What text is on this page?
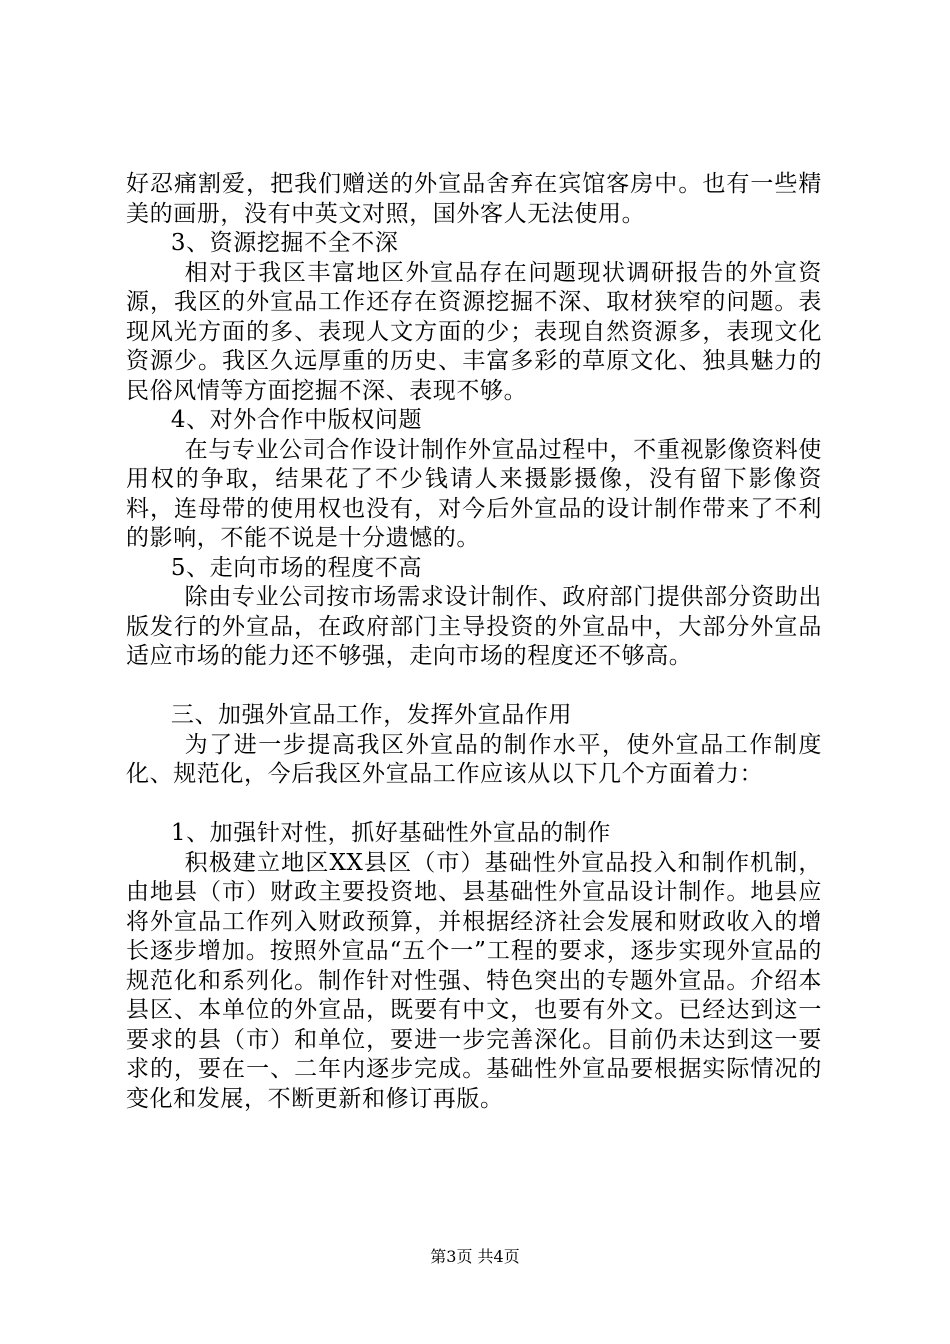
好忍痛割爱，把我们赠送的外宣品舍弃在宾馆客房中。也有一些精美的画册，没有中英文对照，国外客人无法使用。

3、资源挖掘不全不深

相对于我区丰富地区外宣品存在问题现状调研报告的外宣资源，我区的外宣品工作还存在资源挖掘不深、取材狭窄的问题。表现风光方面的多、表现人文方面的少；表现自然资源多，表现文化资源少。我区久远厚重的历史、丰富多彩的草原文化、独具魅力的民俗风情等方面挖掘不深、表现不够。

4、对外合作中版权问题

在与专业公司合作设计制作外宣品过程中，不重视影像资料使用权的争取，结果花了不少钱请人来摄影摄像，没有留下影像资料，连母带的使用权也没有，对今后外宣品的设计制作带来了不利的影响，不能不说是十分遗憾的。

5、走向市场的程度不高

除由专业公司按市场需求设计制作、政府部门提供部分资助出版发行的外宣品，在政府部门主导投资的外宣品中，大部分外宣品适应市场的能力还不够强，走向市场的程度还不够高。

三、加强外宣品工作，发挥外宣品作用

为了进一步提高我区外宣品的制作水平，使外宣品工作制度化、规范化，今后我区外宣品工作应该从以下几个方面着力：

1、加强针对性，抓好基础性外宣品的制作

积极建立地区XX县区（市）基础性外宣品投入和制作机制，由地县（市）财政主要投资地、县基础性外宣品设计制作。地县应将外宣品工作列入财政预算，并根据经济社会发展和财政收入的增长逐步增加。按照外宣品“五个一”工程的要求，逐步实现外宣品的规范化和系列化。制作针对性强、特色突出的专题外宣品。介绍本县区、本单位的外宣品，既要有中文，也要有外文。已经达到这一要求的县（市）和单位，要进一步完善深化。目前仍未达到这一要求的，要在一、二年内逐步完成。基础性外宣品要根据实际情况的变化和发展，不断更新和修订再版。

第3页 共4页
